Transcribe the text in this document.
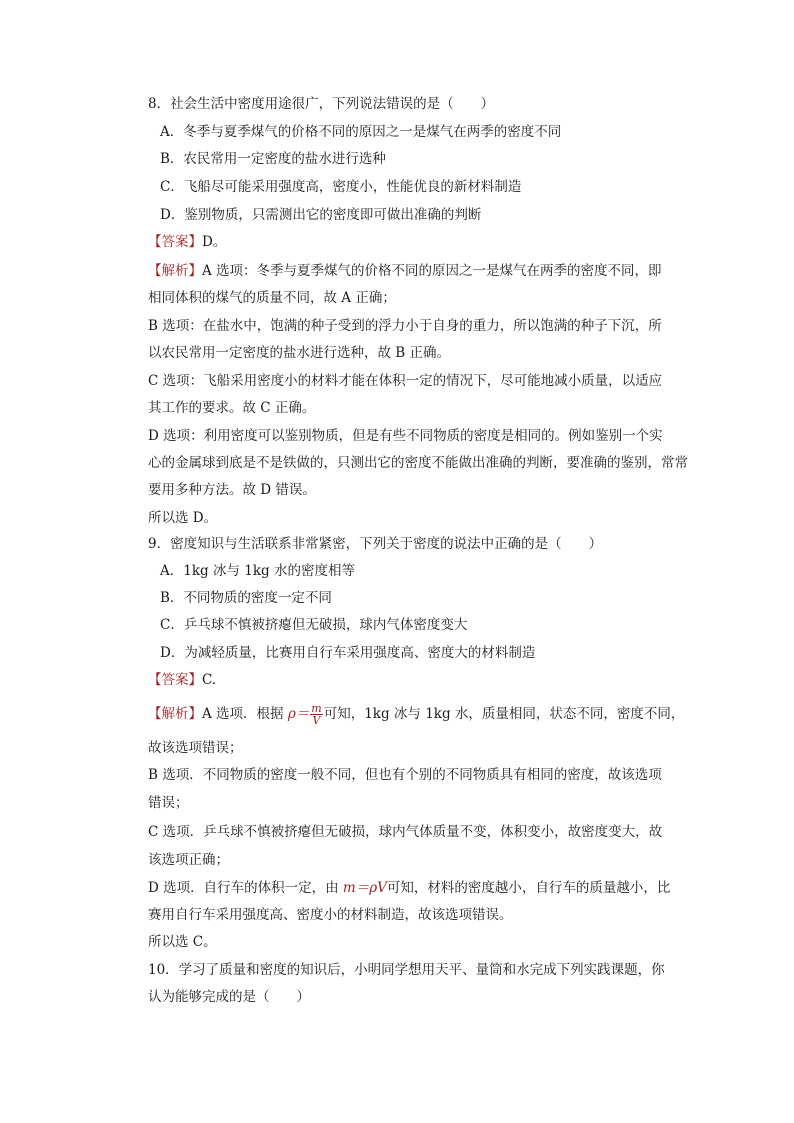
8．社会生活中密度用途很广，下列说法错误的是（　　）
A．冬季与夏季煤气的价格不同的原因之一是煤气在两季的密度不同
B．农民常用一定密度的盐水进行选种
C．飞船尽可能采用强度高，密度小，性能优良的新材料制造
D．鉴别物质，只需测出它的密度即可做出准确的判断
【答案】D。
【解析】A 选项：冬季与夏季煤气的价格不同的原因之一是煤气在两季的密度不同，即
相同体积的煤气的质量不同，故 A 正确；
B 选项：在盐水中，饱满的种子受到的浮力小于自身的重力，所以饱满的种子下沉，所
以农民常用一定密度的盐水进行选种，故 B 正确。
C 选项：飞船采用密度小的材料才能在体积一定的情况下，尽可能地减小质量，以适应
其工作的要求。故 C 正确。
D 选项：利用密度可以鉴别物质，但是有些不同物质的密度是相同的。例如鉴别一个实
心的金属球到底是不是铁做的，只测出它的密度不能做出准确的判断，要准确的鉴别，常常
要用多种方法。故 D 错误。
所以选 D。
9．密度知识与生活联系非常紧密，下列关于密度的说法中正确的是（　　）
A．1kg 冰与 1kg 水的密度相等
B．不同物质的密度一定不同
C．乒乓球不慎被挤瘪但无破损，球内气体密度变大
D．为减轻质量，比赛用自行车采用强度高、密度大的材料制造
【答案】C.
【解析】A 选项．根据 $\rho= \frac{m}{V}$ 可知，1kg 冰与 1kg 水，质量相同，状态不同，密度不同，
故该选项错误；
B 选项．不同物质的密度一般不同，但也有个别的不同物质具有相同的密度，故该选项
错误；
C 选项．乒乓球不慎被挤瘪但无破损，球内气体质量不变，体积变小，故密度变大，故
该选项正确；
D 选项．自行车的体积一定，由 m＝ρV可知，材料的密度越小，自行车的质量越小，比
赛用自行车采用强度高、密度小的材料制造，故该选项错误。
所以选 C。
10．学习了质量和密度的知识后，小明同学想用天平、量筒和水完成下列实践课题，你
认为能够完成的是（　　）
